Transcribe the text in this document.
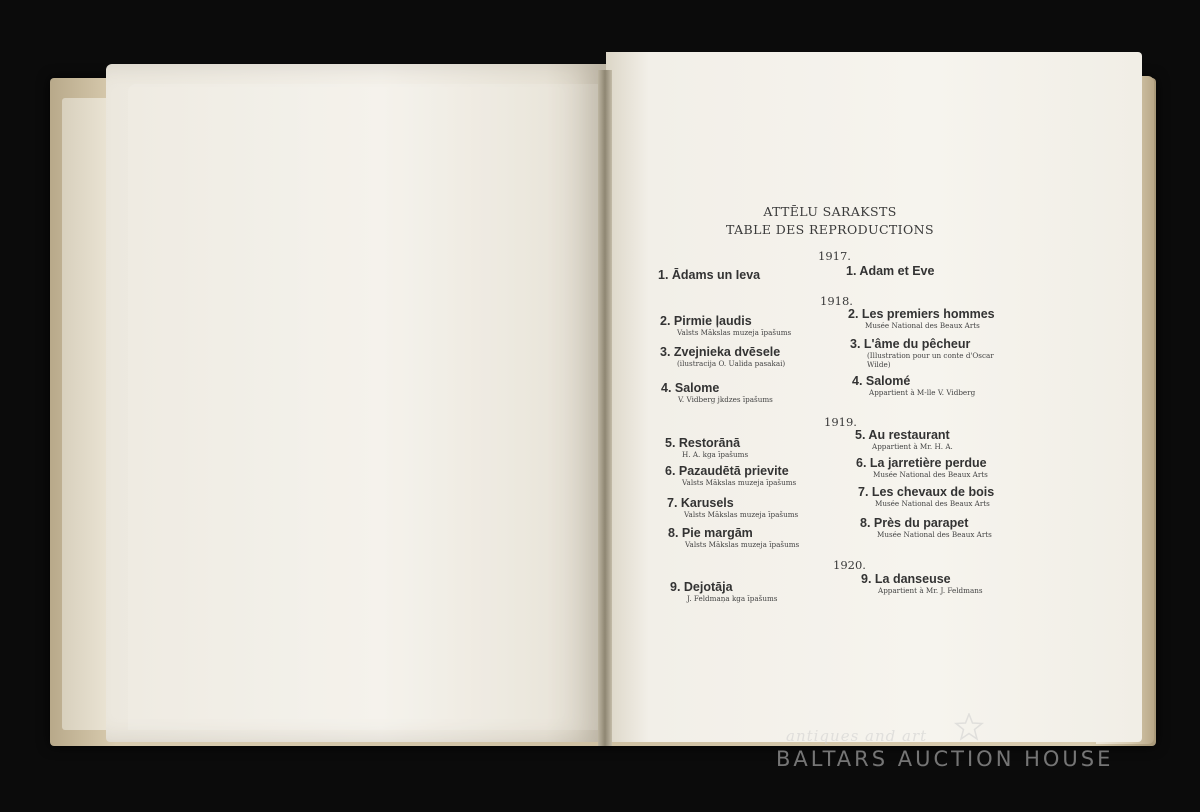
ATTĒLU SARAKSTS
TABLE DES REPRODUCTIONS
1917.
1918.
1919.
1920.
1. Ādams un Ieva
2. Pirmie ļaudis
Valsts Mākslas muzeja īpašums
3. Zvejnieka dvēsele
(ilustracija O. Ualida pasakai)
4. Salome
V. Vidberg jkdzes īpašums
5. Restorānā
H. A. kga īpašums
6. Pazaudētā prievite
Valsts Mākslas muzeja īpašums
7. Karusels
Valsts Mākslas muzeja īpašums
8. Pie margām
Valsts Mākslas muzeja īpašums
9. Dejotāja
J. Feldmaņa kga īpašums
1. Adam et Eve
2. Les premiers hommes
Musée National des Beaux Arts
3. L'âme du pêcheur
(Illustration pour un conte d'Oscar
Wilde)
4. Salomé
Appartient à M-lle V. Vidberg
5. Au restaurant
Appartient à Mr. H. A.
6. La jarretière perdue
Musée National des Beaux Arts
7. Les chevaux de bois
Musée National des Beaux Arts
8. Près du parapet
Musée National des Beaux Arts
9. La danseuse
Appartient à Mr. J. Feldmans
antiques and art
BALTARS AUCTION HOUSE
